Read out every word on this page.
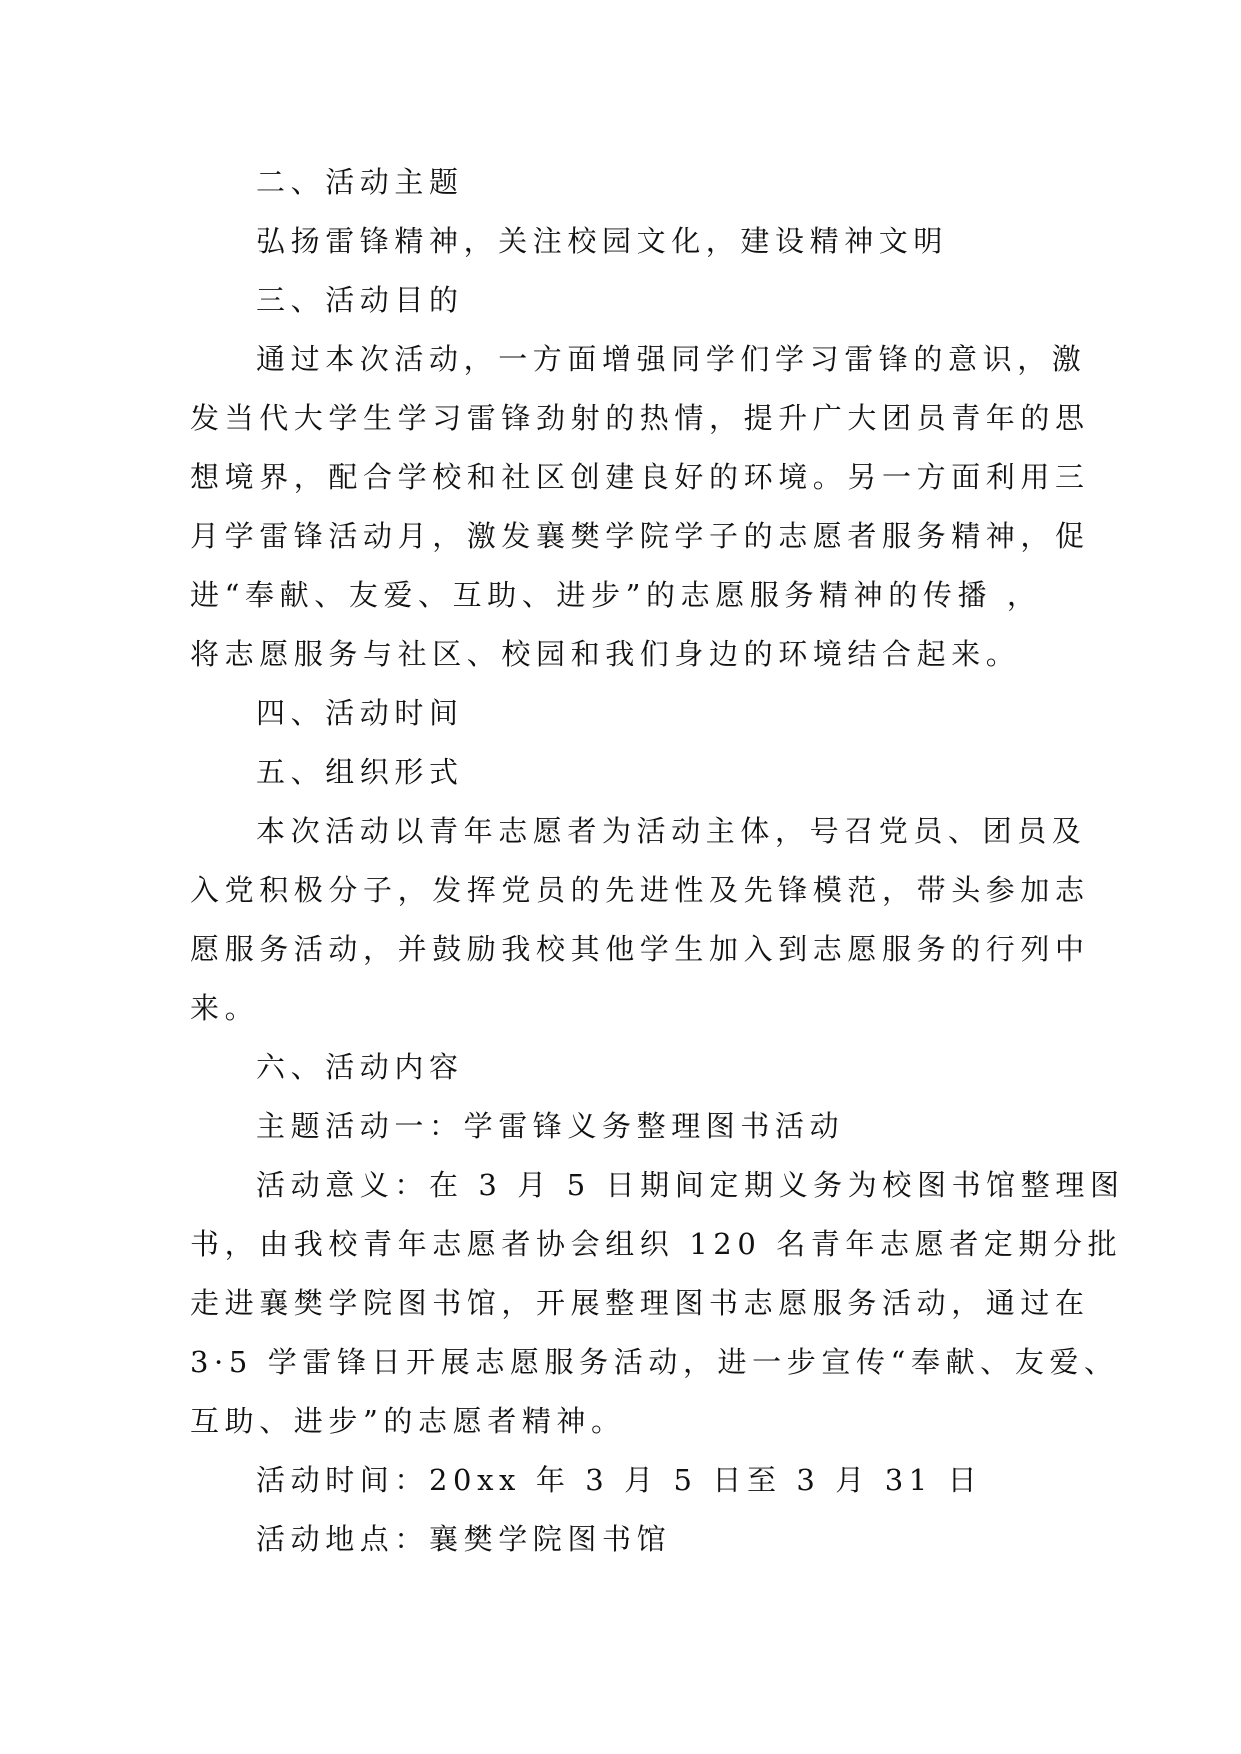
二、活动主题
弘扬雷锋精神，关注校园文化，建设精神文明
三、活动目的
通过本次活动，一方面增强同学们学习雷锋的意识，激
发当代大学生学习雷锋劲射的热情，提升广大团员青年的思
想境界，配合学校和社区创建良好的环境。另一方面利用三
月学雷锋活动月，激发襄樊学院学子的志愿者服务精神，促
进“奉献、友爱、互助、进步”的志愿服务精神的传播 ，
将志愿服务与社区、校园和我们身边的环境结合起来。
四、活动时间
五、组织形式
本次活动以青年志愿者为活动主体，号召党员、团员及
入党积极分子，发挥党员的先进性及先锋模范，带头参加志
愿服务活动，并鼓励我校其他学生加入到志愿服务的行列中
来。
六、活动内容
主题活动一：学雷锋义务整理图书活动
活动意义：在 3 月 5 日期间定期义务为校图书馆整理图
书，由我校青年志愿者协会组织 120 名青年志愿者定期分批
走进襄樊学院图书馆，开展整理图书志愿服务活动，通过在
3·5 学雷锋日开展志愿服务活动，进一步宣传“奉献、友爱、
互助、进步”的志愿者精神。
活动时间：20xx 年 3 月 5 日至 3 月 31 日
活动地点：襄樊学院图书馆
